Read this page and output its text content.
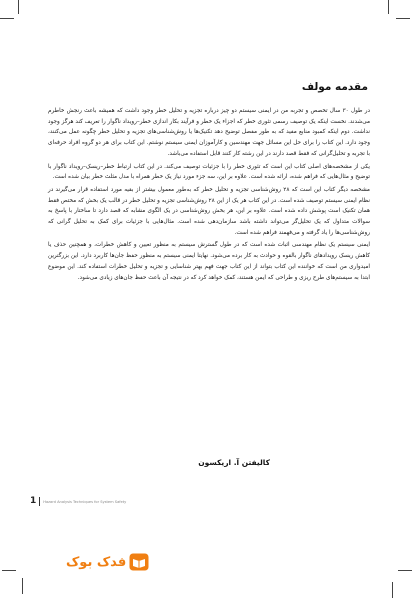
مقدمه مولف

در طول ۳۰ سال تخصص و تجربه من در ایمنی سیستم دو چیز درباره تجزیه و تحلیل خطر وجود داشت که همیشه باعث رنجش خاطرم می‌شدند. نخست اینکه یک توصیف رسمی تئوری خطر که اجزاء یک خطر و فرآیند بکار اندازی خطر–رویداد ناگوار را تعریف کند هرگز وجود نداشت. دوم اینکه کمبود منابع مفید که به طور مفصل توضیح دهد تکنیک‌ها یا روش‌شناسی‌های تجزیه و تحلیل خطر چگونه عمل می‌کنند، وجود دارد. این کتاب را برای حل این مسائل جهت مهندسین و کارآموزان ایمنی سیستم نوشتم. این کتاب برای هر دو گروه افراد حرفه‌ای با تجربه و تحلیل‌گرانی که فقط قصد دارند در این رشته کار کنند قابل استفاده می‌باشد.

یکی از مشخصه‌های اصلی کتاب این است که تئوری خطر را با جزئیات توصیف می‌کند. در این کتاب ارتباط خطر–ریسک–رویداد ناگوار با توضیح و مثال‌هایی که فراهم شده، ارائه شده است. علاوه بر این، سه جزء مورد نیاز یک خطر همراه با مدل مثلث خطر بیان شده است.

مشخصه دیگر کتاب این است که ۲۸ روش‌شناسی تجزیه و تحلیل خطر که به‌طور معمول بیشتر از بقیه مورد استفاده قرار می‌گیرند در نظام ایمنی سیستم توصیف شده است. در این کتاب هر یک از این ۲۸ روش‌شناسی تجزیه و تحلیل خطر در قالب یک بخش که مختص فقط همان تکنیک است پوشش داده شده است. علاوه بر این، هر بخش روش‌شناسی در یک الگوی مشابه که قصد دارد تا ساختار با پاسخ به سوالات متداول که یک تحلیل‌گر می‌تواند داشته باشد سازمان‌دهی شده است. مثال‌هایی با جزئیات برای کمک به تحلیل گرانی که روش‌شناسی‌ها را یاد گرفته و می‌فهمند فراهم شده است.

ایمنی سیستم یک نظام مهندسی اثبات شده است که در طول گسترش سیستم به منظور تعیین و کاهش خطرات، و همچنین حذف یا کاهش ریسک رویدادهای ناگوار بالقوه و حوادث به کار برده می‌شود. نهایتا ایمنی سیستم به منظور حفظ جان‌ها کاربرد دارد. این بزرگترین امیدواری من است که خواننده این کتاب بتواند از این کتاب جهت فهم بهتر شناسایی و تجزیه و تحلیل خطرات استفاده کند. این موضوع ابتدا به سیستم‌های طرح ریزی و طراحی که ایمن هستند، کمک خواهد کرد که در نتیجه آن باعث حفظ جان‌های زیادی می‌شود.

کالیفتن آ. اریکسون
1 Hazard Analysis Techniques for System Safety
فدک بوک
